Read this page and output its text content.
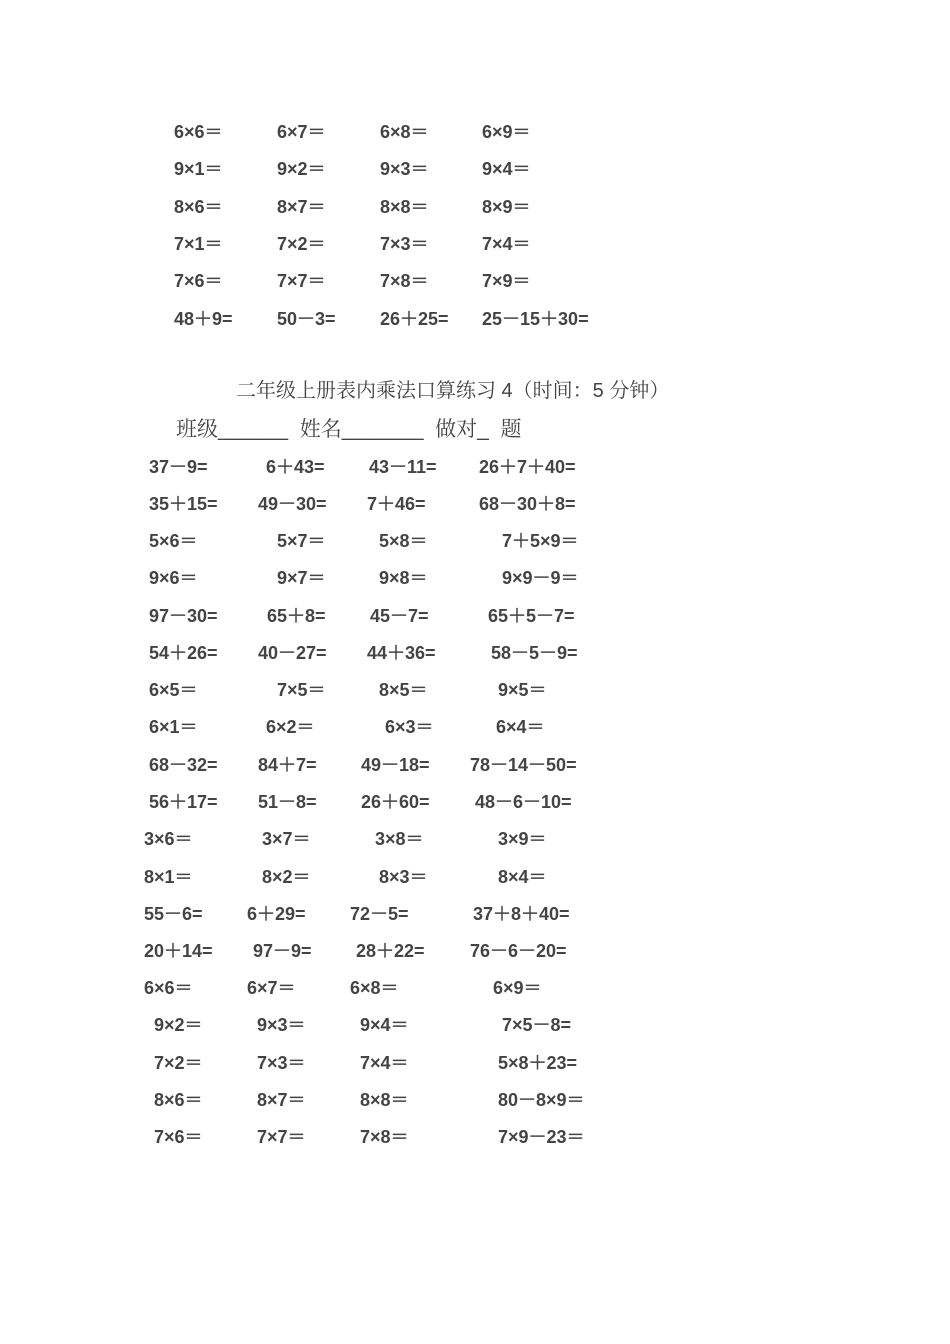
6×6＝	6×7＝	6×8＝	6×9＝
9×1＝	9×2＝	9×3＝	9×4＝
8×6＝	8×7＝	8×8＝	8×9＝
7×1＝	7×2＝	7×3＝	7×4＝
7×6＝	7×7＝	7×8＝	7×9＝
48＋9= 50－3= 26＋25= 25－15＋30=
二年级上册表内乘法口算练习 4（时间：5 分钟）
班级______  姓名_______  做对_  题
37－9=	6＋43= 43－11= 26＋7＋40=
35＋15= 49－30= 7＋46=	68－30＋8=
5×6＝	5×7＝	5×8＝	7＋5×9＝
9×6＝	9×7＝	9×8＝	9×9－9＝
97－30=	65＋8= 45－7=	65＋5－7=
54＋26= 40－27= 44＋36=	58－5－9=
6×5＝	7×5＝	8×5＝	9×5＝
6×1＝	6×2＝	6×3＝	6×4＝
68－32= 84＋7= 49－18= 78－14－50=
56＋17= 51－8= 26＋60=	48－6－10=
3×6＝	3×7＝	3×8＝	3×9＝
8×1＝	8×2＝	8×3＝	8×4＝
55－6= 6＋29= 72－5=	37＋8＋40=
20＋14= 97－9= 28＋22=	76－6－20=
6×6＝	6×7＝	6×8＝	6×9＝
9×2＝	9×3＝	9×4＝	7×5－8=
7×2＝	7×3＝	7×4＝	5×8＋23=
8×6＝	8×7＝	8×8＝	80－8×9＝
7×6＝	7×7＝	7×8＝	7×9－23＝
